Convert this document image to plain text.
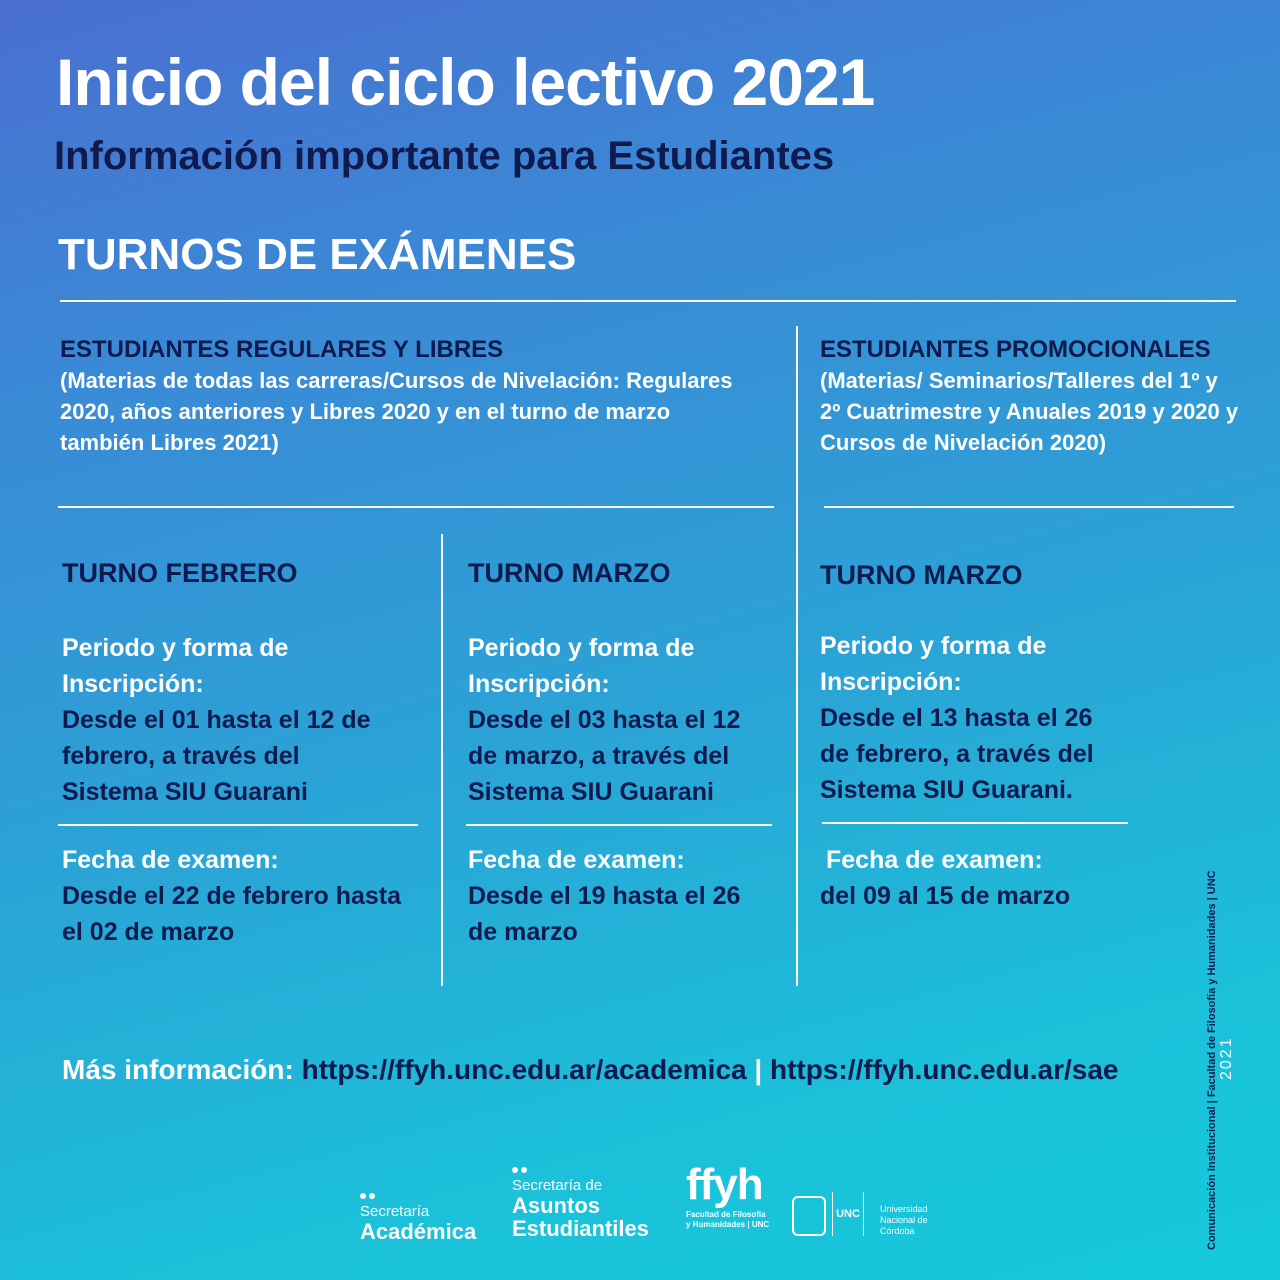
Inicio del ciclo lectivo 2021
Información importante para Estudiantes
TURNOS DE EXÁMENES
ESTUDIANTES REGULARES Y LIBRES
(Materias de todas las carreras/Cursos de Nivelación: Regulares 2020, años anteriores y Libres 2020 y en el turno de marzo también Libres 2021)
ESTUDIANTES PROMOCIONALES
(Materias/ Seminarios/Talleres del 1º y 2º Cuatrimestre y Anuales 2019 y 2020 y Cursos de Nivelación 2020)
TURNO FEBRERO
Periodo y forma de Inscripción:
Desde el 01 hasta el 12 de febrero, a través del Sistema SIU Guarani
Fecha de examen:
Desde el 22 de febrero hasta el 02 de marzo
TURNO MARZO
Periodo y forma de Inscripción:
Desde el 03 hasta el 12 de marzo, a través del Sistema SIU Guarani
Fecha de examen:
Desde el 19 hasta el 26 de marzo
TURNO MARZO
Periodo y forma de Inscripción:
Desde el 13 hasta el 26 de febrero, a través del Sistema SIU Guarani.
Fecha de examen:
del 09 al 15 de marzo
Más información: https://ffyh.unc.edu.ar/academica | https://ffyh.unc.edu.ar/sae
Secretaría
Académica
Secretaría de
Asuntos
Estudiantiles
ffyh
Facultad de Filosofía y Humanidades | UNC
UNC	Universidad Nacional de Córdoba	Comunicación Institucional | Facultad de Filosofía y Humanidades | UNC 2021
